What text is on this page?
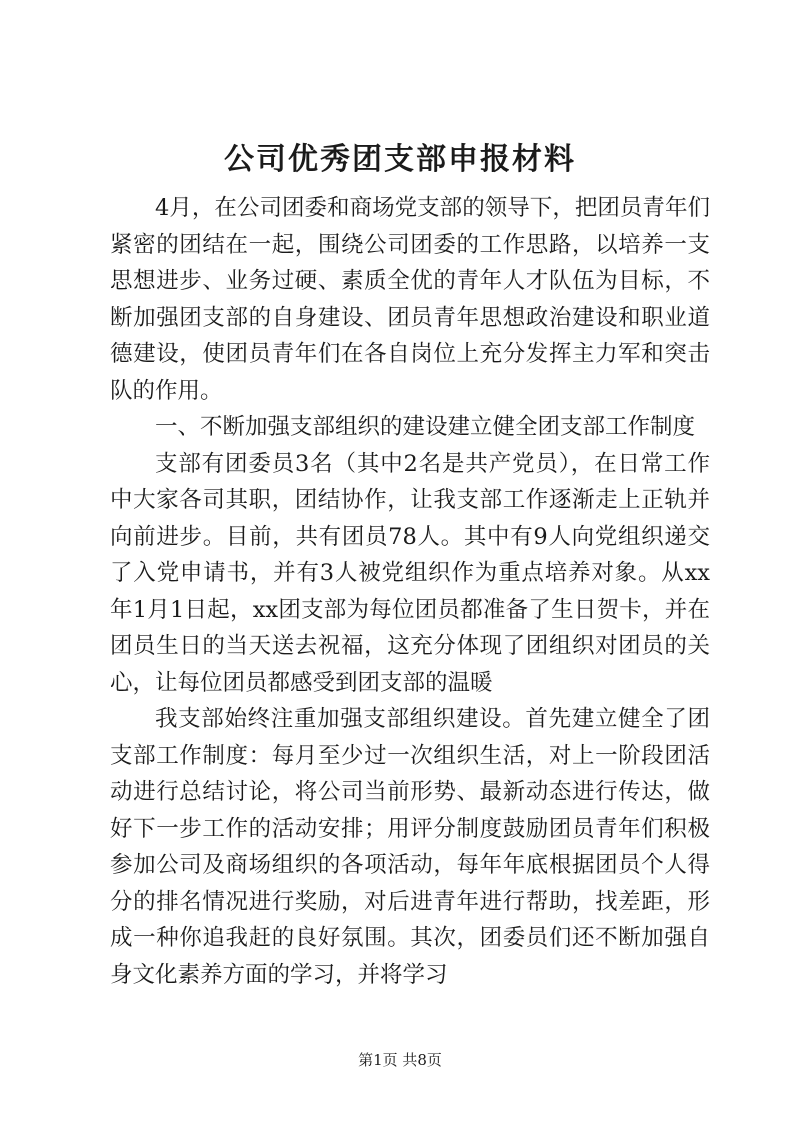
公司优秀团支部申报材料

4月，在公司团委和商场党支部的领导下，把团员青年们紧密的团结在一起，围绕公司团委的工作思路，以培养一支思想进步、业务过硬、素质全优的青年人才队伍为目标，不断加强团支部的自身建设、团员青年思想政治建设和职业道德建设，使团员青年们在各自岗位上充分发挥主力军和突击队的作用。

一、不断加强支部组织的建设建立健全团支部工作制度

支部有团委员3名（其中2名是共产党员），在日常工作中大家各司其职，团结协作，让我支部工作逐渐走上正轨并向前进步。目前，共有团员78人。其中有9人向党组织递交了入党申请书，并有3人被党组织作为重点培养对象。从xx年1月1日起，xx团支部为每位团员都准备了生日贺卡，并在团员生日的当天送去祝福，这充分体现了团组织对团员的关心，让每位团员都感受到团支部的温暖

我支部始终注重加强支部组织建设。首先建立健全了团支部工作制度：每月至少过一次组织生活，对上一阶段团活动进行总结讨论，将公司当前形势、最新动态进行传达，做好下一步工作的活动安排；用评分制度鼓励团员青年们积极参加公司及商场组织的各项活动，每年年底根据团员个人得分的排名情况进行奖励，对后进青年进行帮助，找差距，形成一种你追我赶的良好氛围。其次，团委员们还不断加强自身文化素养方面的学习，并将学习

第1页 共8页
